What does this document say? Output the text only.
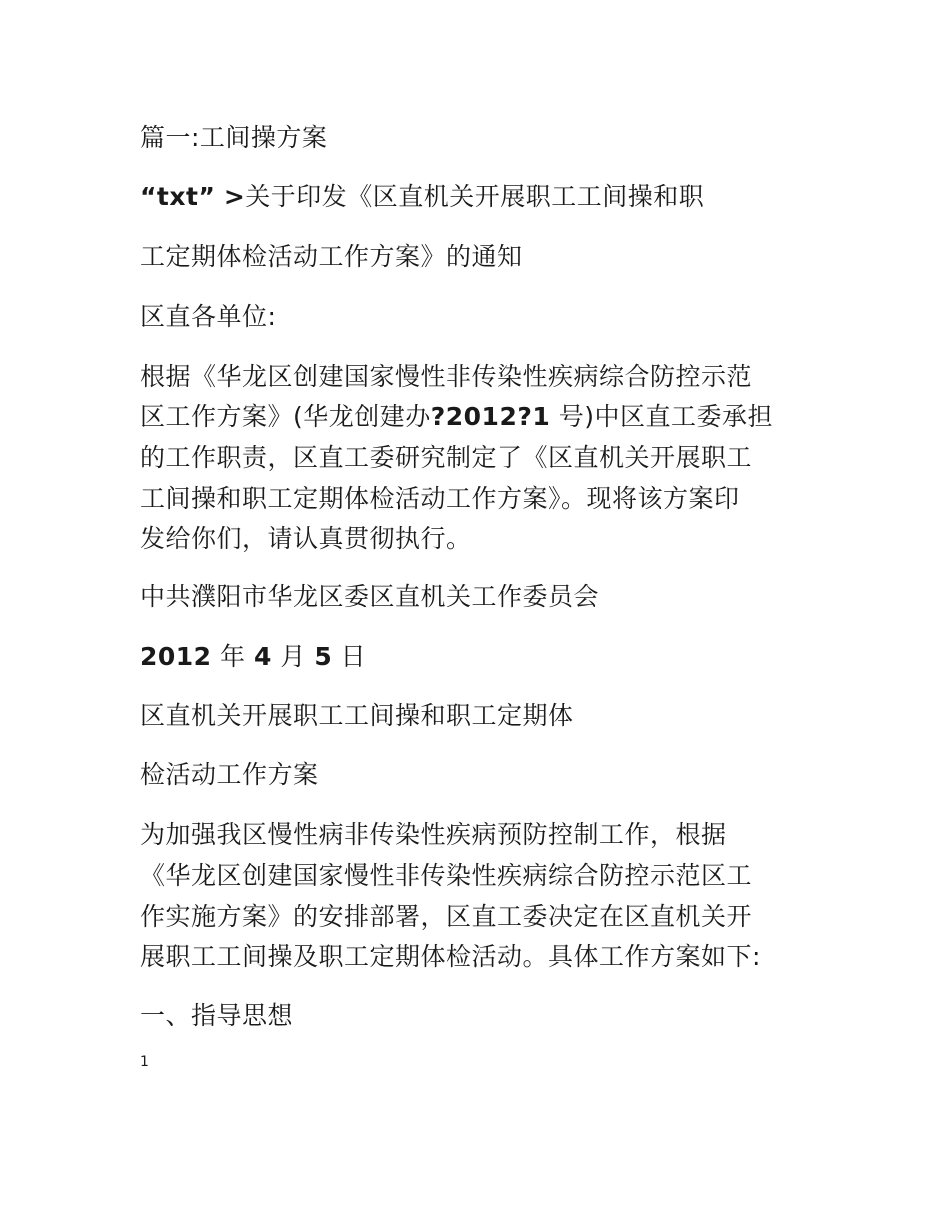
篇一:工间操方案
“txt” >关于印发《区直机关开展职工工间操和职
工定期体检活动工作方案》的通知
区直各单位:
根据《华龙区创建国家慢性非传染性疾病综合防控示范
区工作方案》(华龙创建办?2012?1 号)中区直工委承担
的工作职责，区直工委研究制定了《区直机关开展职工
工间操和职工定期体检活动工作方案》。现将该方案印
发给你们，请认真贯彻执行。
中共濮阳市华龙区委区直机关工作委员会
2012 年 4 月 5 日
区直机关开展职工工间操和职工定期体
检活动工作方案
为加强我区慢性病非传染性疾病预防控制工作，根据
《华龙区创建国家慢性非传染性疾病综合防控示范区工
作实施方案》的安排部署，区直工委决定在区直机关开
展职工工间操及职工定期体检活动。具体工作方案如下:
一、指导思想
1
